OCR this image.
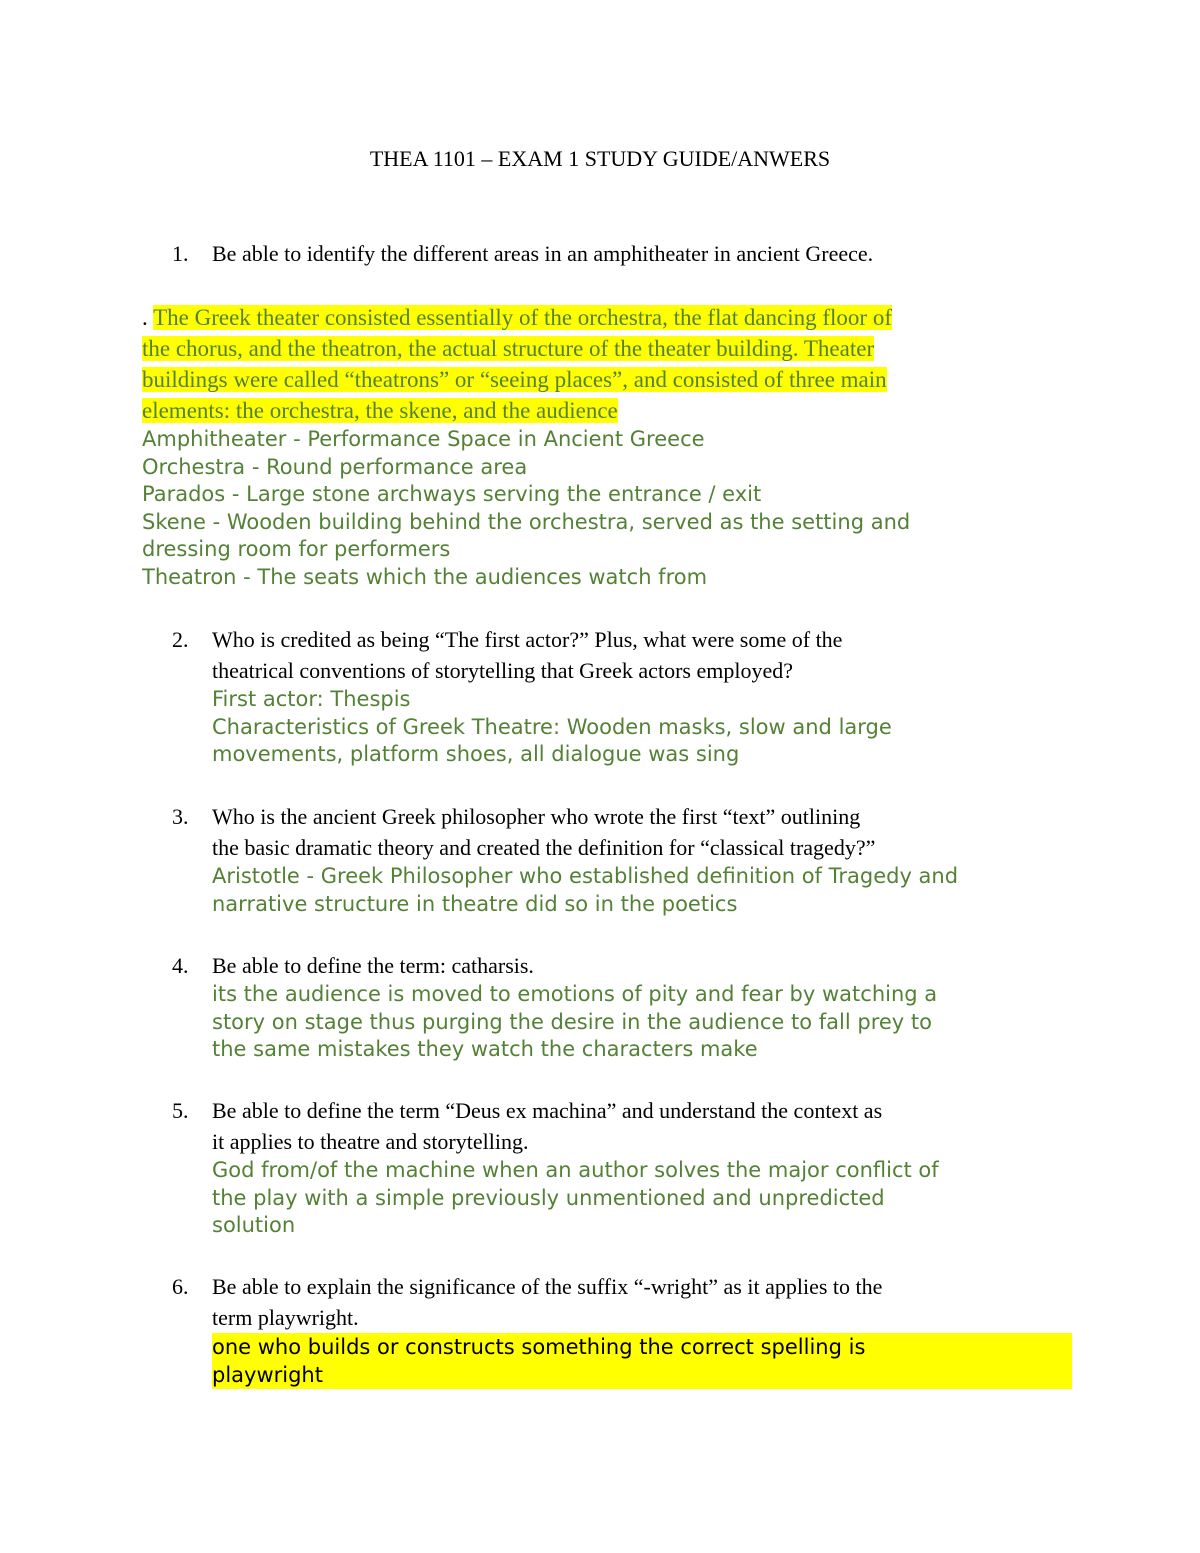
THEA 1101 – EXAM 1 STUDY GUIDE/ANWERS
1.	Be able to identify the different areas in an amphitheater in ancient Greece.
. The Greek theater consisted essentially of the orchestra, the flat dancing floor of
the chorus, and the theatron, the actual structure of the theater building. Theater
buildings were called “theatrons” or “seeing places”, and consisted of three main
elements: the orchestra, the skene, and the audience
Amphitheater - Performance Space in Ancient Greece
Orchestra - Round performance area
Parados - Large stone archways serving the entrance / exit
Skene - Wooden building behind the orchestra, served as the setting and
dressing room for performers
Theatron - The seats which the audiences watch from
2.	Who is credited as being “The first actor?” Plus, what were some of the
theatrical conventions of storytelling that Greek actors employed?
First actor: Thespis
Characteristics of Greek Theatre: Wooden masks, slow and large
movements, platform shoes, all dialogue was sing
3.	Who is the ancient Greek philosopher who wrote the first “text” outlining
the basic dramatic theory and created the definition for “classical tragedy?”
Aristotle - Greek Philosopher who established definition of Tragedy and
narrative structure in theatre did so in the poetics
4.	Be able to define the term: catharsis.
its the audience is moved to emotions of pity and fear by watching a
story on stage thus purging the desire in the audience to fall prey to
the same mistakes they watch the characters make
5.	Be able to define the term “Deus ex machina” and understand the context as
it applies to theatre and storytelling.
God from/of the machine when an author solves the major conflict of
the play with a simple previously unmentioned and unpredicted
solution
6.	Be able to explain the significance of the suffix “-wright” as it applies to the
term playwright.
one who builds or constructs something the correct spelling is
playwright
